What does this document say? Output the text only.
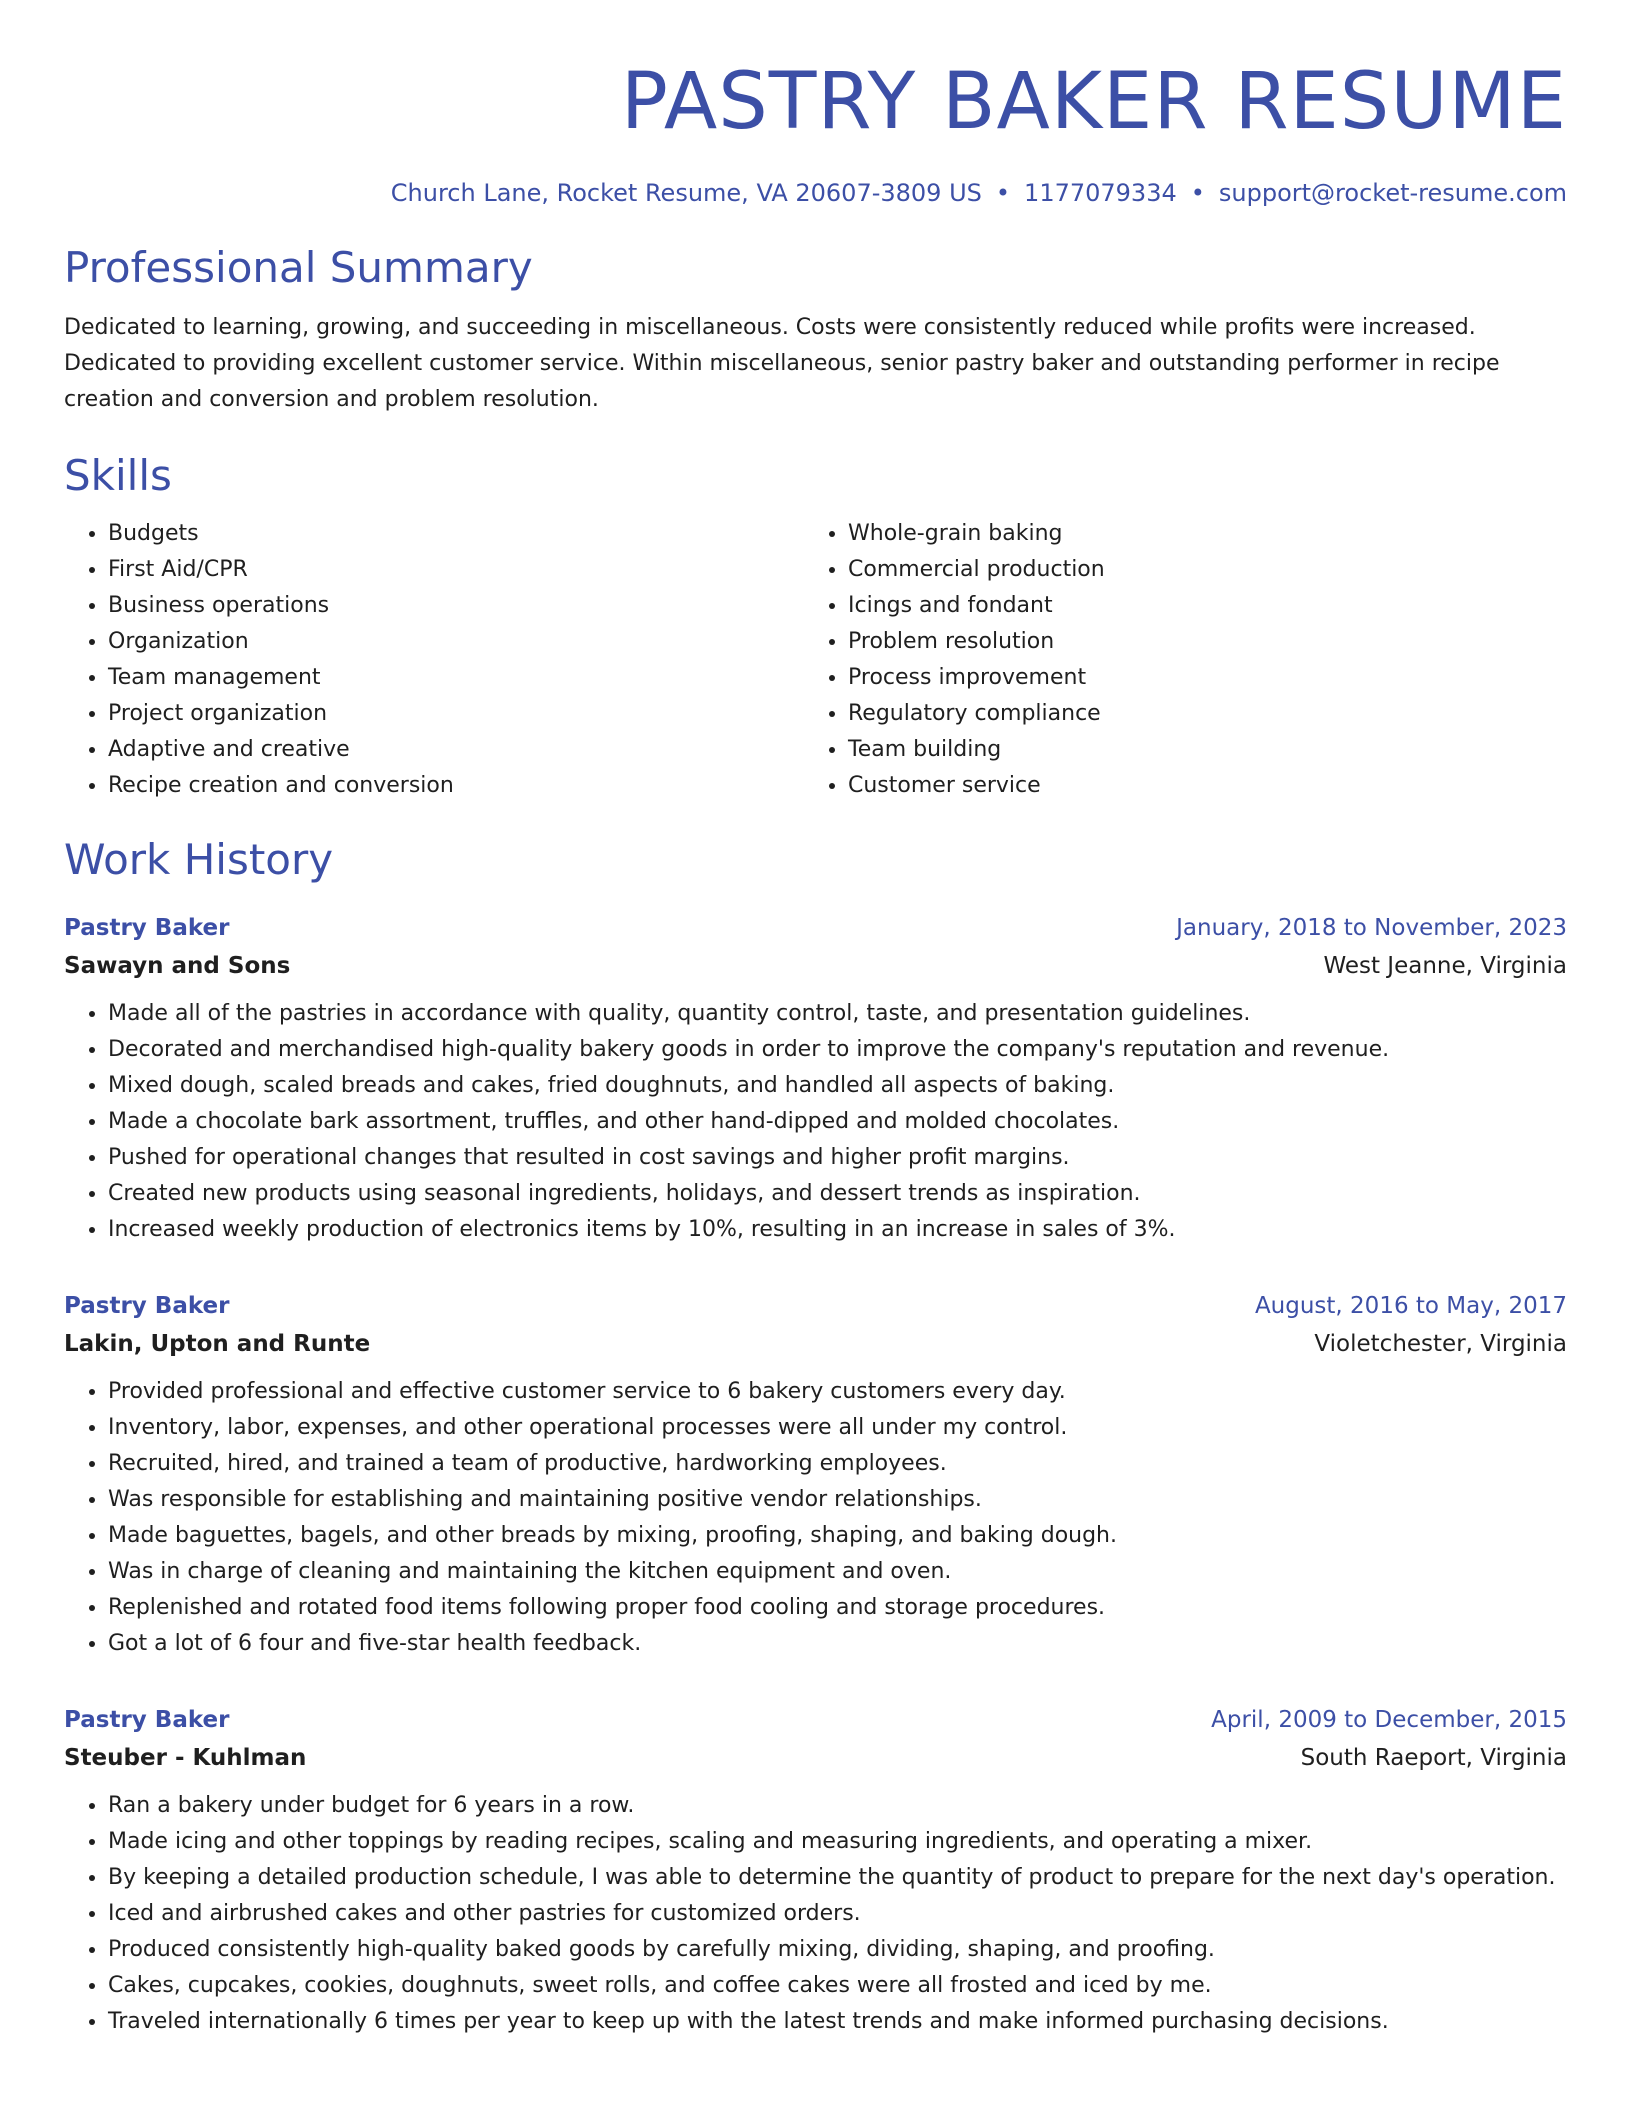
PASTRY BAKER RESUME
Church Lane, Rocket Resume, VA 20607-3809 US • 1177079334 • support@rocket-resume.com
Professional Summary

Dedicated to learning, growing, and succeeding in miscellaneous. Costs were consistently reduced while profits were increased. Dedicated to providing excellent customer service. Within miscellaneous, senior pastry baker and outstanding performer in recipe creation and conversion and problem resolution.

Skills
• Budgets
• First Aid/CPR
• Business operations
• Organization
• Team management
• Project organization
• Adaptive and creative
• Recipe creation and conversion
• Whole-grain baking
• Commercial production
• Icings and fondant
• Problem resolution
• Process improvement
• Regulatory compliance
• Team building
• Customer service
Work History
Pastry Baker	January, 2018 to November, 2023
Sawayn and Sons	West Jeanne, Virginia
• Made all of the pastries in accordance with quality, quantity control, taste, and presentation guidelines.
• Decorated and merchandised high-quality bakery goods in order to improve the company's reputation and revenue.
• Mixed dough, scaled breads and cakes, fried doughnuts, and handled all aspects of baking.
• Made a chocolate bark assortment, truffles, and other hand-dipped and molded chocolates.
• Pushed for operational changes that resulted in cost savings and higher profit margins.
• Created new products using seasonal ingredients, holidays, and dessert trends as inspiration.
• Increased weekly production of electronics items by 10%, resulting in an increase in sales of 3%.
Pastry Baker	August, 2016 to May, 2017
Lakin, Upton and Runte	Violetchester, Virginia
• Provided professional and effective customer service to 6 bakery customers every day.
• Inventory, labor, expenses, and other operational processes were all under my control.
• Recruited, hired, and trained a team of productive, hardworking employees.
• Was responsible for establishing and maintaining positive vendor relationships.
• Made baguettes, bagels, and other breads by mixing, proofing, shaping, and baking dough.
• Was in charge of cleaning and maintaining the kitchen equipment and oven.
• Replenished and rotated food items following proper food cooling and storage procedures.
• Got a lot of 6 four and five-star health feedback.
Pastry Baker	April, 2009 to December, 2015
Steuber - Kuhlman	South Raeport, Virginia
• Ran a bakery under budget for 6 years in a row.
• Made icing and other toppings by reading recipes, scaling and measuring ingredients, and operating a mixer.
• By keeping a detailed production schedule, I was able to determine the quantity of product to prepare for the next day's operation.
• Iced and airbrushed cakes and other pastries for customized orders.
• Produced consistently high-quality baked goods by carefully mixing, dividing, shaping, and proofing.
• Cakes, cupcakes, cookies, doughnuts, sweet rolls, and coffee cakes were all frosted and iced by me.
• Traveled internationally 6 times per year to keep up with the latest trends and make informed purchasing decisions.
